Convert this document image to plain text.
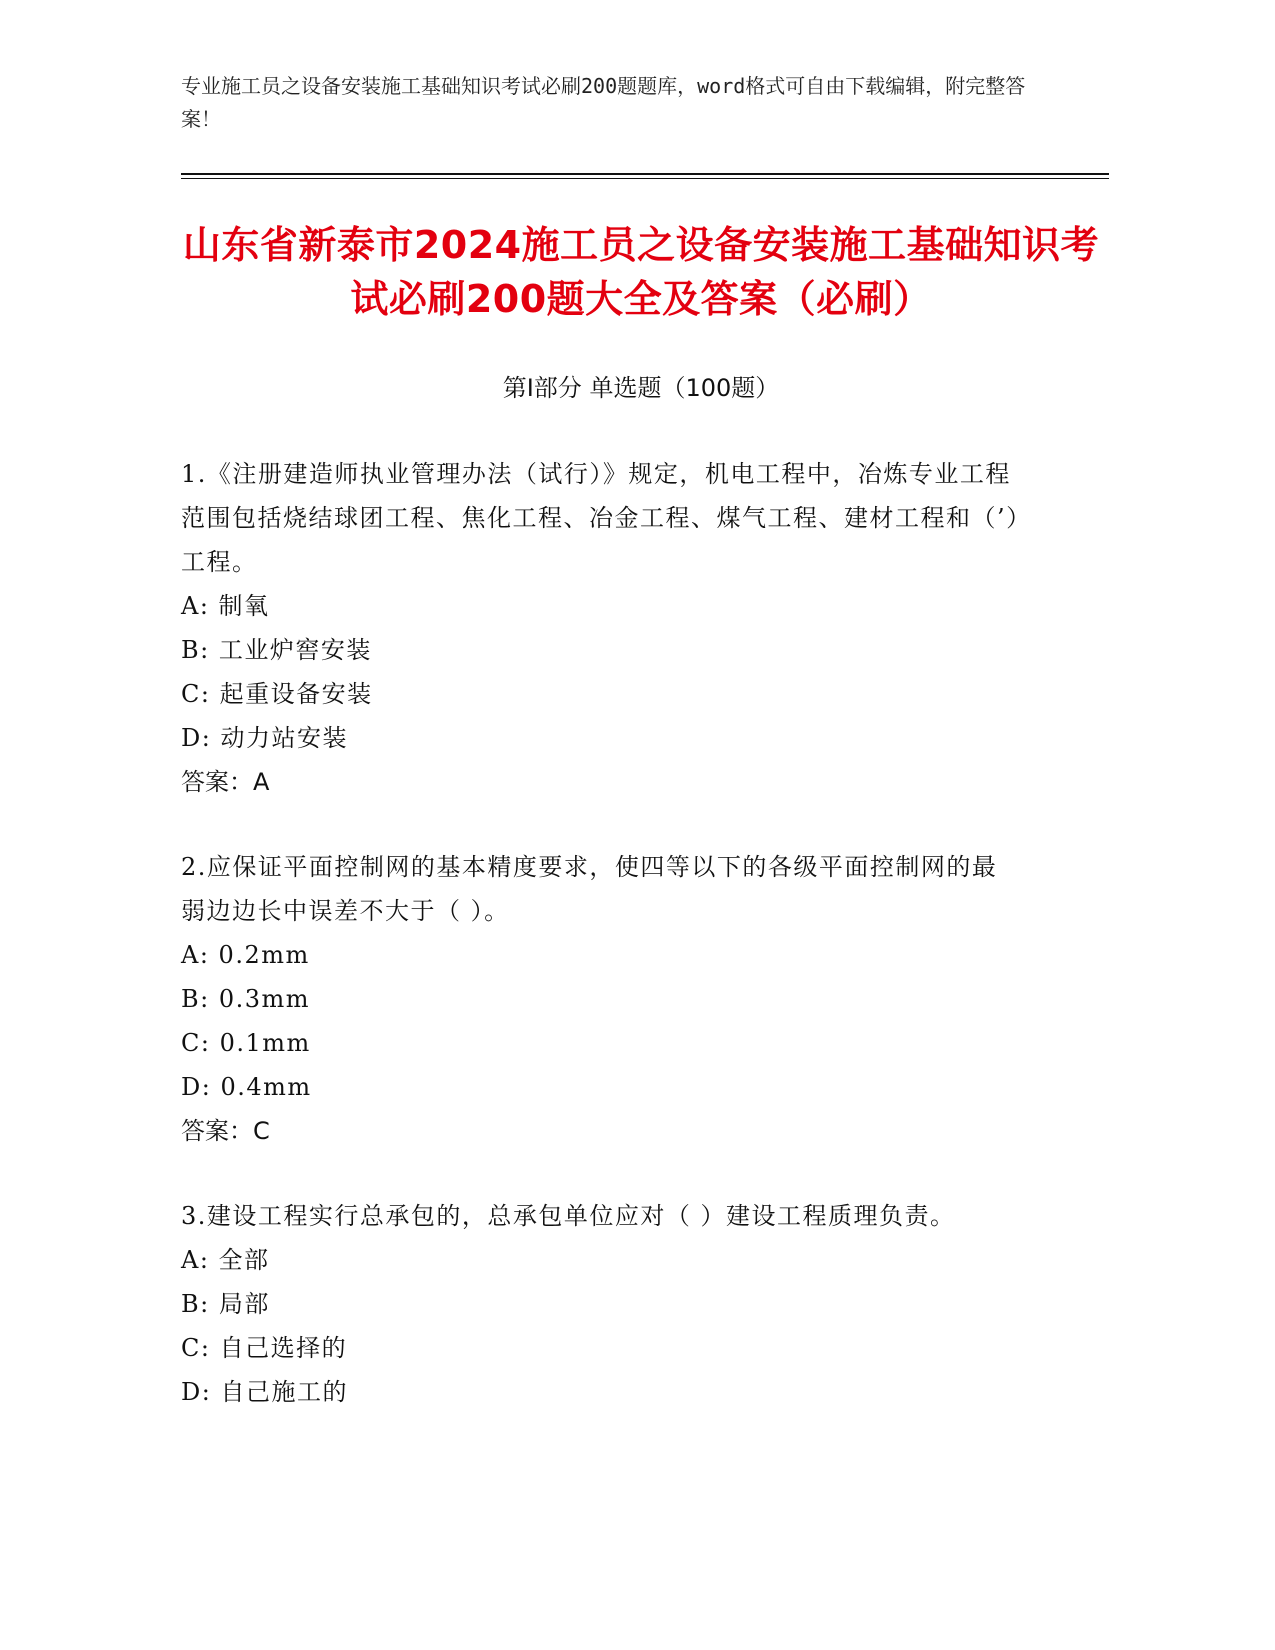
专业施工员之设备安装施工基础知识考试必刷200题题库，word格式可自由下载编辑，附完整答案！
山东省新泰市2024施工员之设备安装施工基础知识考试必刷200题大全及答案（必刷）
第Ⅰ部分 单选题（100题）

1.《注册建造师执业管理办法（试行）》规定，机电工程中，冶炼专业工程范围包括烧结球团工程、焦化工程、冶金工程、煤气工程、建材工程和（’）工程。

A: 制氧

B: 工业炉窖安装

C: 起重设备安装

D: 动力站安装

答案：A

2.应保证平面控制网的基本精度要求，使四等以下的各级平面控制网的最弱边边长中误差不大于（ ）。

A: 0.2mm

B: 0.3mm

C: 0.1mm

D: 0.4mm

答案：C

3.建设工程实行总承包的，总承包单位应对（ ）建设工程质理负责。

A: 全部

B: 局部

C: 自己选择的

D: 自己施工的
